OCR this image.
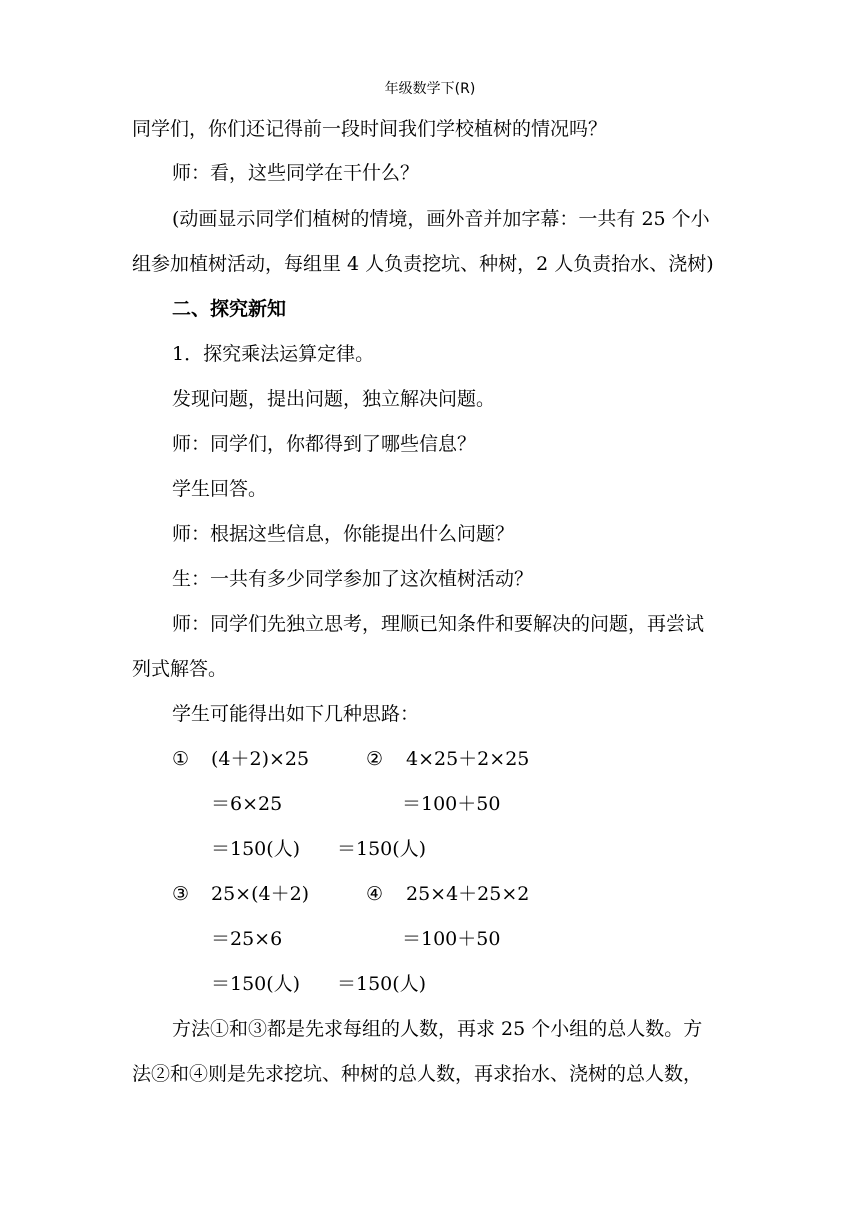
年级数学下(R)
同学们，你们还记得前一段时间我们学校植树的情况吗？
师：看，这些同学在干什么？
(动画显示同学们植树的情境，画外音并加字幕：一共有 25 个小
组参加植树活动，每组里 4 人负责挖坑、种树，2 人负责抬水、浇树)
二、探究新知
1．探究乘法运算定律。
发现问题，提出问题，独立解决问题。
师：同学们，你都得到了哪些信息？
学生回答。
师：根据这些信息，你能提出什么问题？
生：一共有多少同学参加了这次植树活动？
师：同学们先独立思考，理顺已知条件和要解决的问题，再尝试
列式解答。
学生可能得出如下几种思路：
① (4＋2)×25	② 4×25＋2×25
＝6×25	＝100＋50
＝150(人) ＝150(人)
③ 25×(4＋2)	④ 25×4＋25×2
＝25×6	＝100＋50
＝150(人) ＝150(人)
方法①和③都是先求每组的人数，再求 25 个小组的总人数。方
法②和④则是先求挖坑、种树的总人数，再求抬水、浇树的总人数，
